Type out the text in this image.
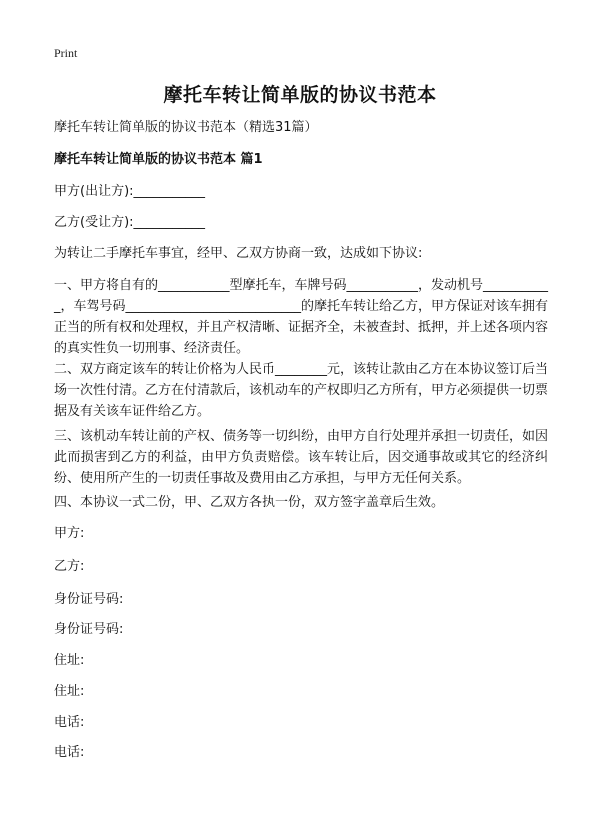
Print
摩托车转让简单版的协议书范本
摩托车转让简单版的协议书范本（精选31篇）
摩托车转让简单版的协议书范本 篇1
甲方(出让方):___________
乙方(受让方):___________
为转让二手摩托车事宜，经甲、乙双方协商一致，达成如下协议:
一、甲方将自有的___________型摩托车，车牌号码___________，发动机号___________，车驾号码___________________________的摩托车转让给乙方，甲方保证对该车拥有正当的所有权和处理权，并且产权清晰、证据齐全，未被查封、抵押，并上述各项内容的真实性负一切刑事、经济责任。
二、双方商定该车的转让价格为人民币________元，该转让款由乙方在本协议签订后当场一次性付清。乙方在付清款后，该机动车的产权即归乙方所有，甲方必须提供一切票据及有关该车证件给乙方。
三、该机动车转让前的产权、债务等一切纠纷，由甲方自行处理并承担一切责任，如因此而损害到乙方的利益，由甲方负责赔偿。该车转让后，因交通事故或其它的经济纠纷、使用所产生的一切责任事故及费用由乙方承担，与甲方无任何关系。
四、本协议一式二份，甲、乙双方各执一份，双方签字盖章后生效。
甲方:
乙方:
身份证号码:
身份证号码:
住址:
住址:
电话:
电话:
